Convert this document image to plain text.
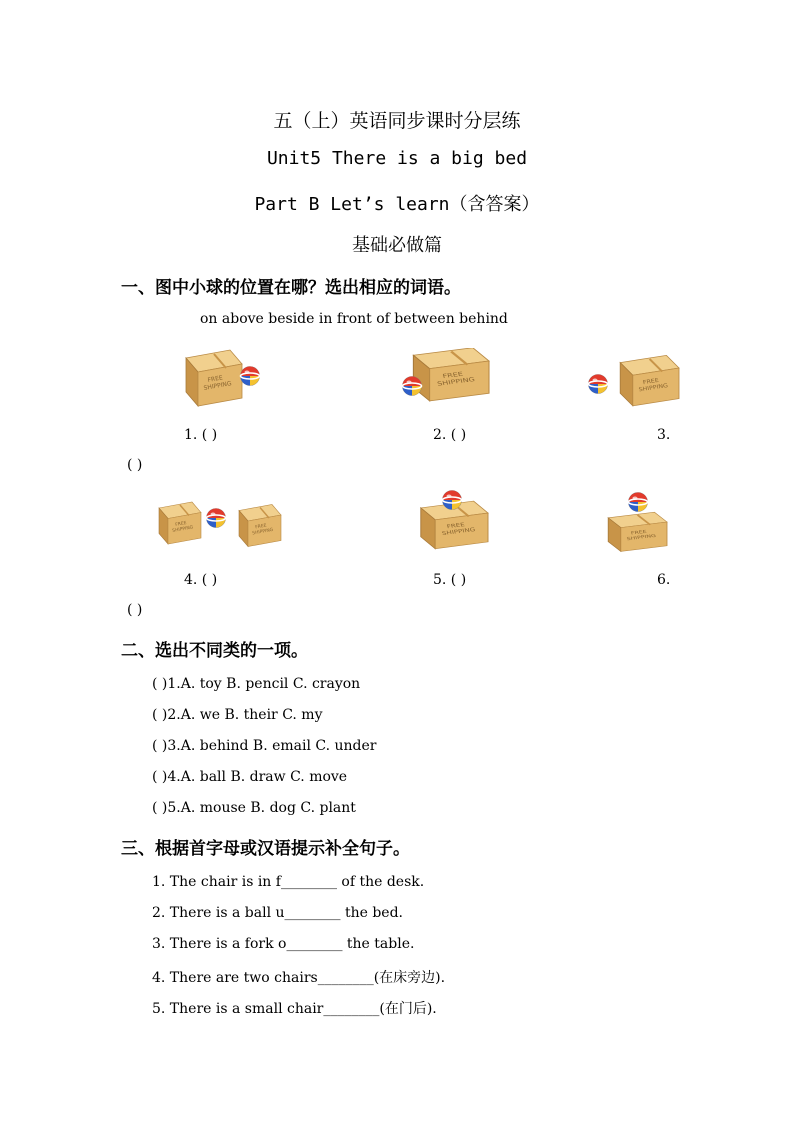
五（上）英语同步课时分层练
Unit5 There is a big bed
Part B Let’s learn（含答案）
基础必做篇
一、图中小球的位置在哪？选出相应的词语。
on above beside in front of between behind
1. ( )	2. ( )	3.
( )
4. ( )	5. ( )	6.
( )
二、选出不同类的一项。
( )1.A. toy B. pencil C. crayon
( )2.A. we B. their C. my
( )3.A. behind B. email C. under
( )4.A. ball B. draw C. move
( )5.A. mouse B. dog C. plant
三、根据首字母或汉语提示补全句子。
1. The chair is in f________ of the desk.
2. There is a ball u________ the bed.
3. There is a fork o________ the table.
4. There are two chairs________(在床旁边).
5. There is a small chair________(在门后).
